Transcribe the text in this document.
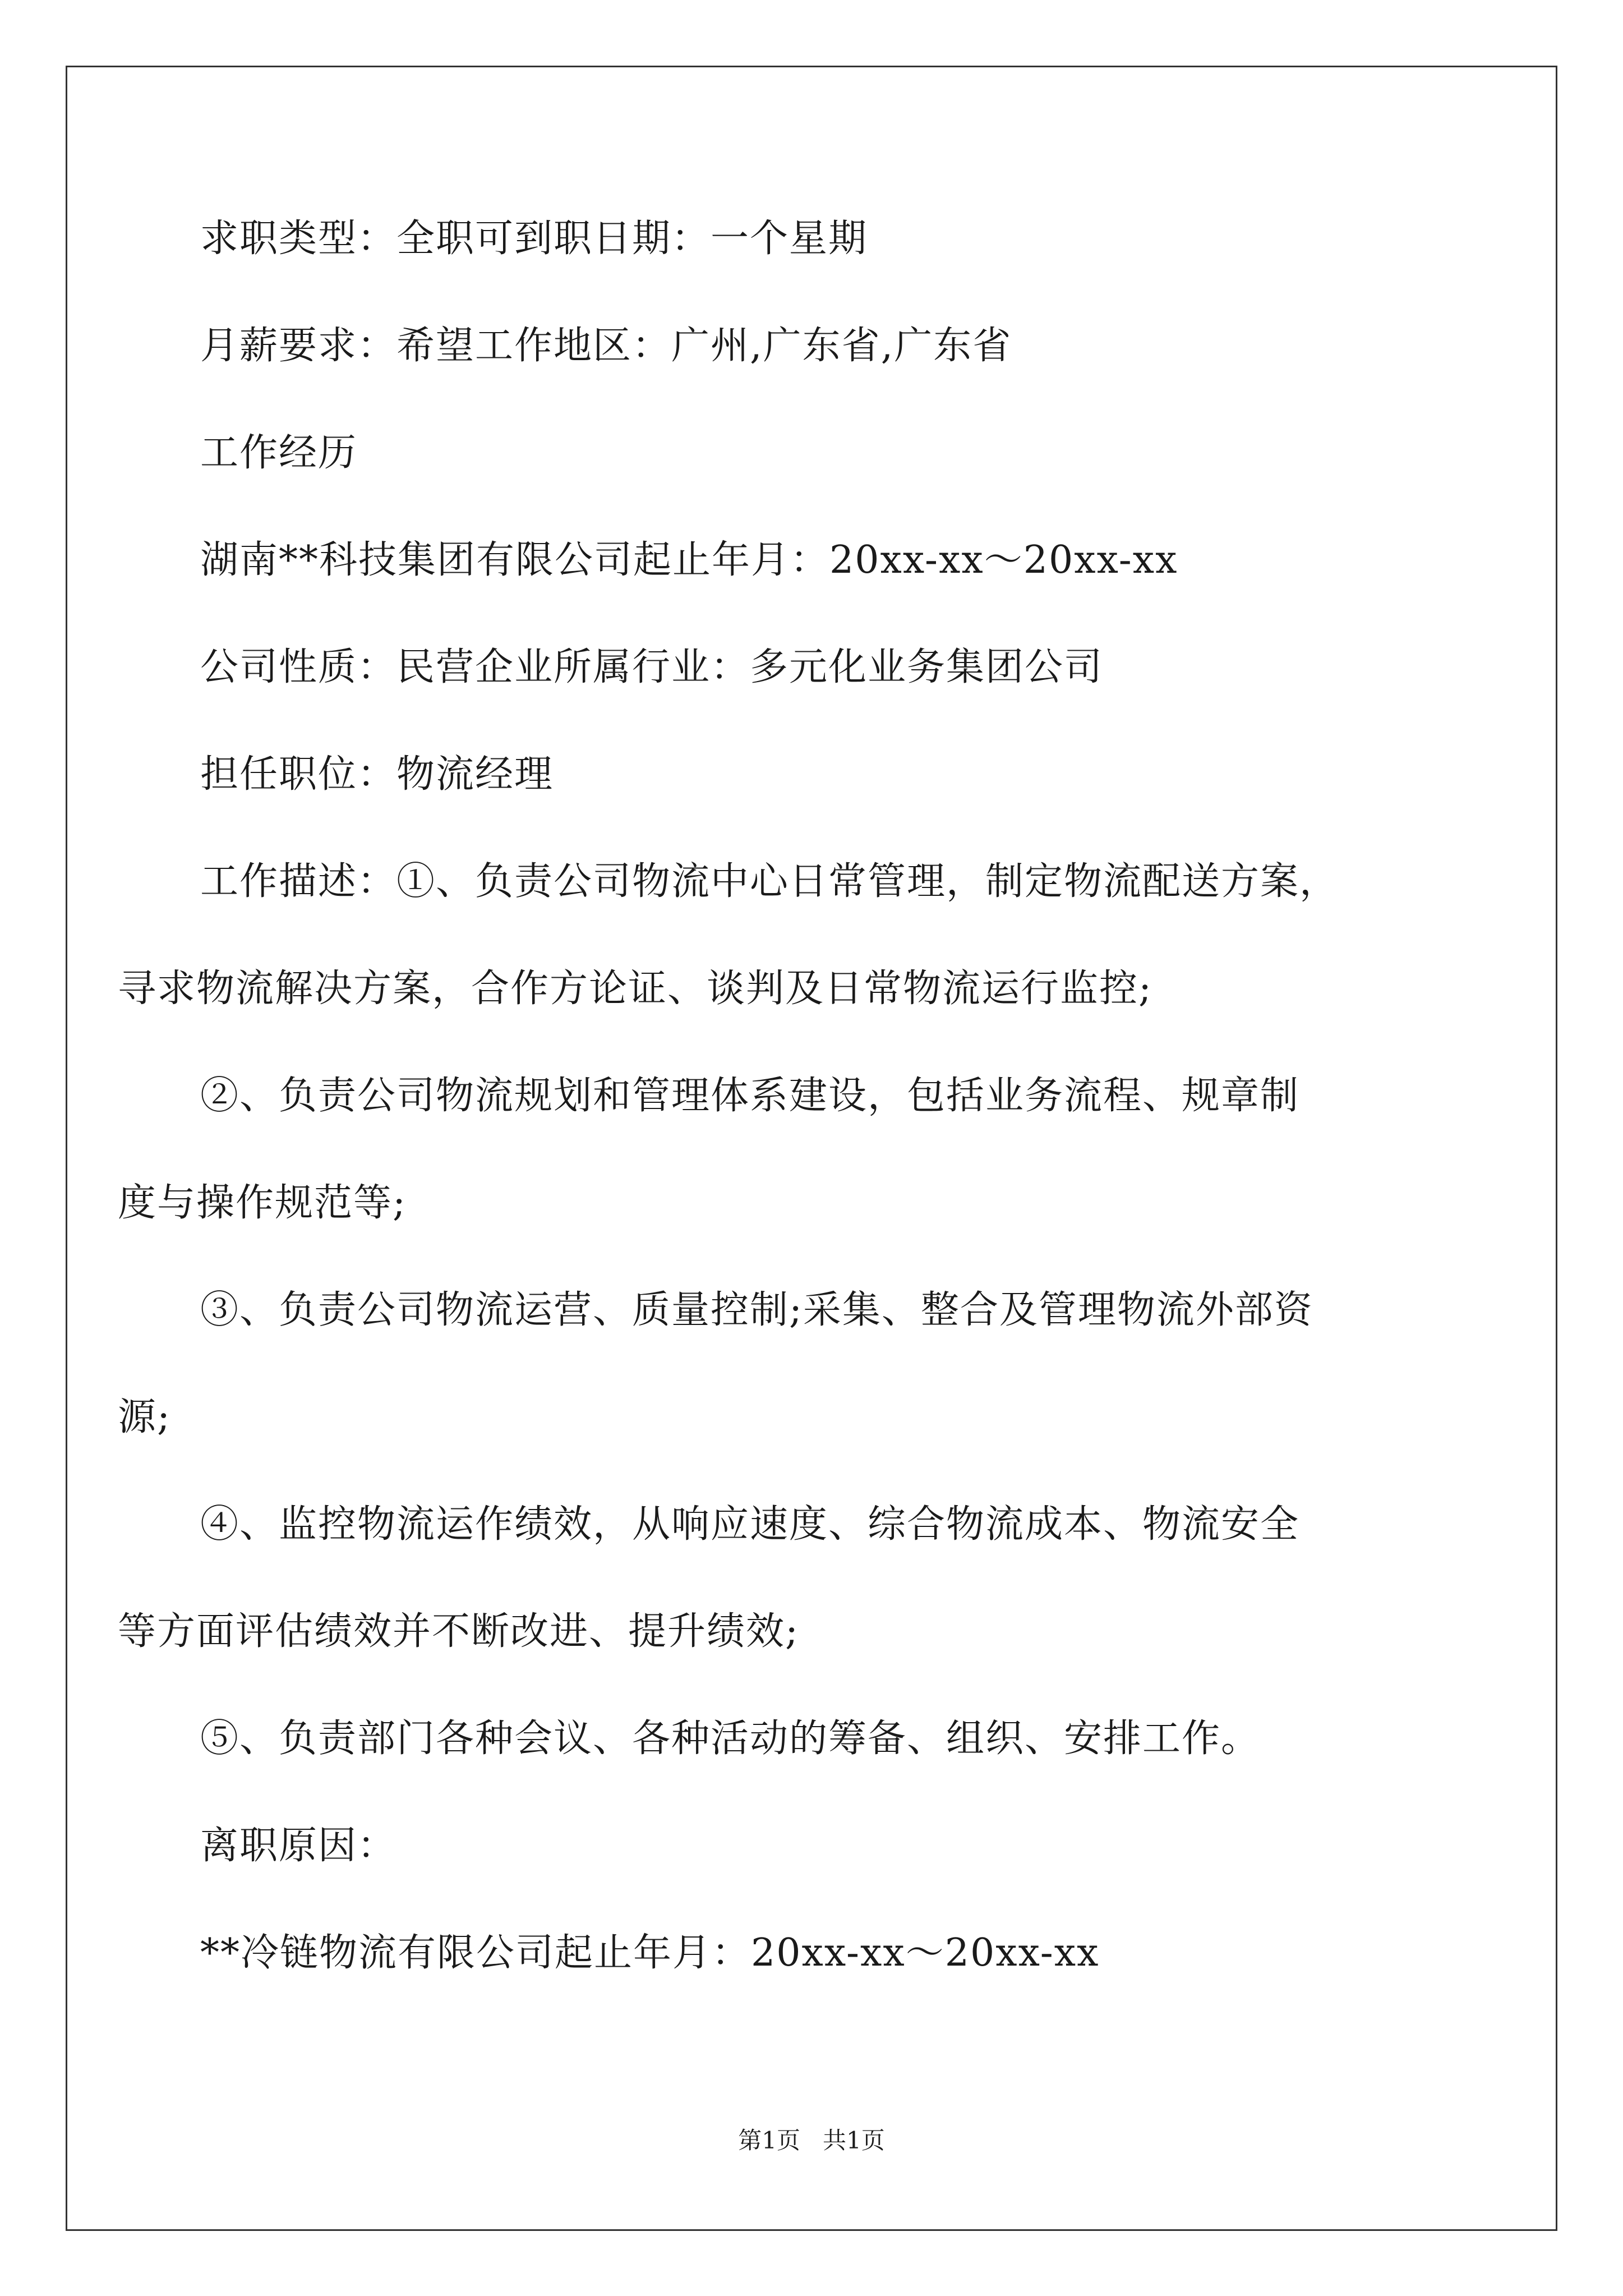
求职类型：全职可到职日期：一个星期
月薪要求：希望工作地区：广州,广东省,广东省
工作经历
湖南**科技集团有限公司起止年月：20xx-xx～20xx-xx
公司性质：民营企业所属行业：多元化业务集团公司
担任职位：物流经理
工作描述：①、负责公司物流中心日常管理，制定物流配送方案，
寻求物流解决方案，合作方论证、谈判及日常物流运行监控;
②、负责公司物流规划和管理体系建设，包括业务流程、规章制
度与操作规范等;
③、负责公司物流运营、质量控制;采集、整合及管理物流外部资
源;
④、监控物流运作绩效，从响应速度、综合物流成本、物流安全
等方面评估绩效并不断改进、提升绩效;
⑤、负责部门各种会议、各种活动的筹备、组织、安排工作。
离职原因：
**冷链物流有限公司起止年月：20xx-xx～20xx-xx
第1页 共1页
